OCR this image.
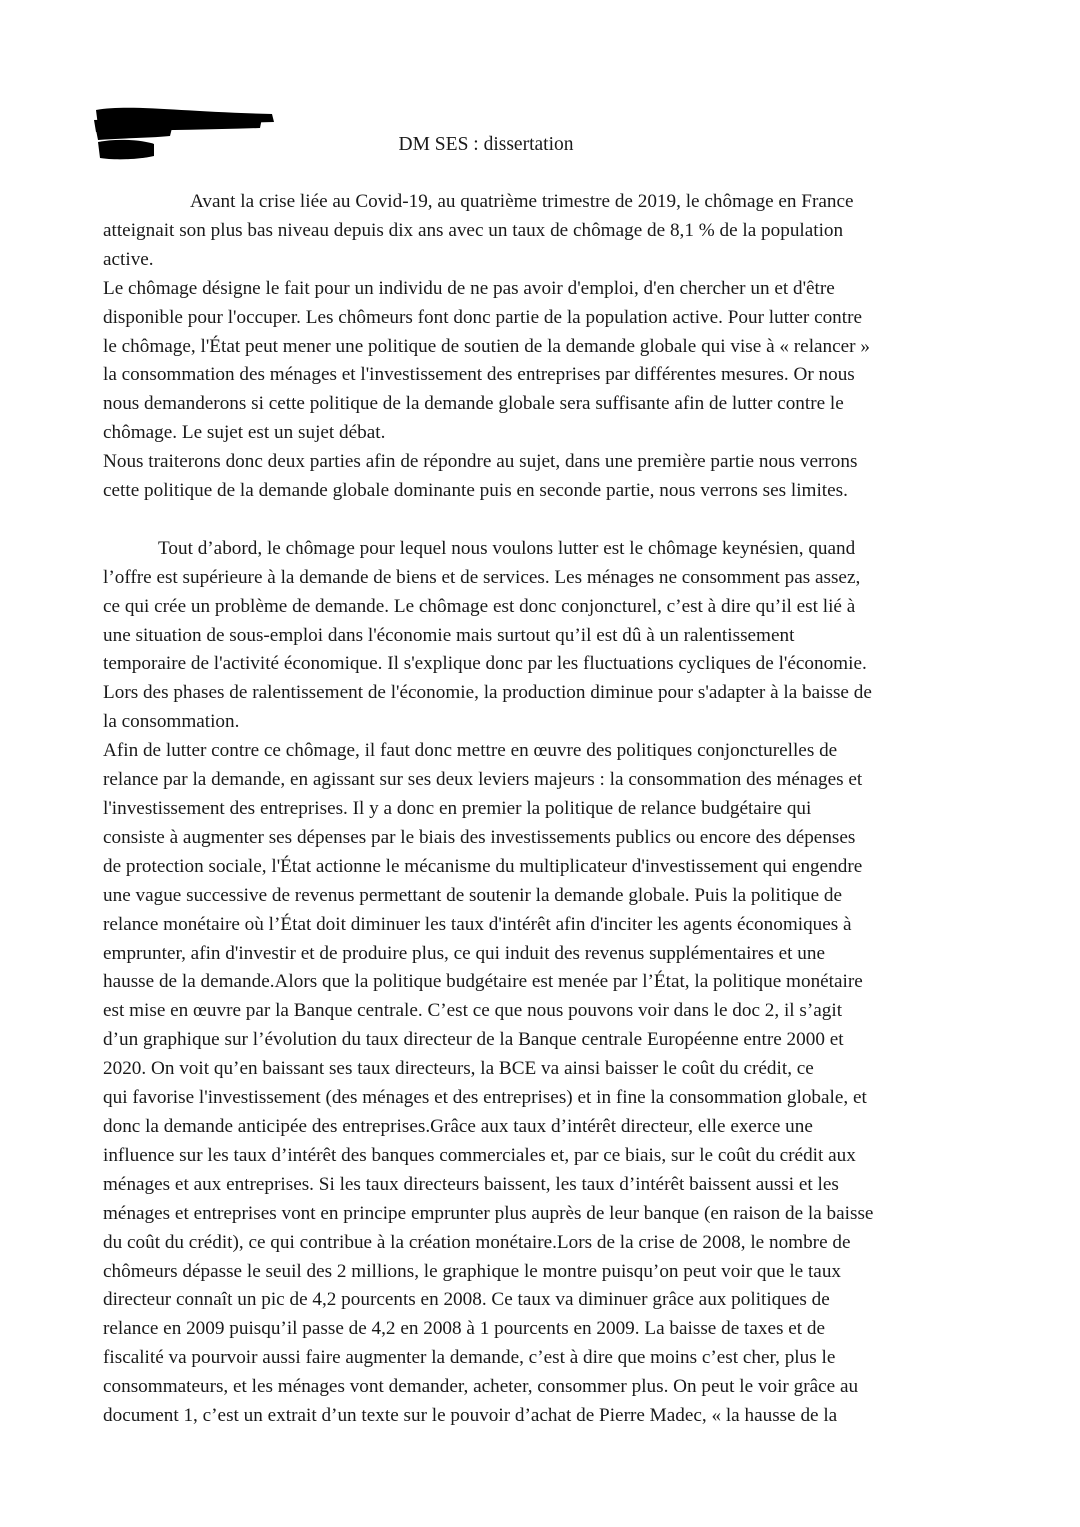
DM SES : dissertation

Avant la crise liée au Covid-19, au quatrième trimestre de 2019, le chômage en France

atteignait son plus bas niveau depuis dix ans avec un taux de chômage de 8,1 % de la population

active.

Le chômage désigne le fait pour un individu de ne pas avoir d'emploi, d'en chercher un et d'être

disponible pour l'occuper. Les chômeurs font donc partie de la population active. Pour lutter contre

le chômage, l'État peut mener une politique de soutien de la demande globale qui vise à « relancer »

la consommation des ménages et l'investissement des entreprises par différentes mesures. Or nous

nous demanderons si cette politique de la demande globale sera suffisante afin de lutter contre le

chômage. Le sujet est un sujet débat.

Nous traiterons donc deux parties afin de répondre au sujet, dans une première partie nous verrons

cette politique de la demande globale dominante puis en seconde partie, nous verrons ses limites.

Tout d’abord, le chômage pour lequel nous voulons lutter est le chômage keynésien, quand

l’offre est supérieure à la demande de biens et de services. Les ménages ne consomment pas assez,

ce qui crée un problème de demande. Le chômage est donc conjoncturel, c’est à dire qu’il est lié à

une situation de sous-emploi dans l'économie mais surtout qu’il est dû à un ralentissement

temporaire de l'activité économique. Il s'explique donc par les fluctuations cycliques de l'économie.

Lors des phases de ralentissement de l'économie, la production diminue pour s'adapter à la baisse de

la consommation.

Afin de lutter contre ce chômage, il faut donc mettre en œuvre des politiques conjoncturelles de

relance par la demande, en agissant sur ses deux leviers majeurs : la consommation des ménages et

l'investissement des entreprises. Il y a donc en premier la politique de relance budgétaire qui

consiste à augmenter ses dépenses par le biais des investissements publics ou encore des dépenses

de protection sociale, l'État actionne le mécanisme du multiplicateur d'investissement qui engendre

une vague successive de revenus permettant de soutenir la demande globale. Puis la politique de

relance monétaire où l’État doit diminuer les taux d'intérêt afin d'inciter les agents économiques à

emprunter, afin d'investir et de produire plus, ce qui induit des revenus supplémentaires et une

hausse de la demande.Alors que la politique budgétaire est menée par l’État, la politique monétaire

est mise en œuvre par la Banque centrale. C’est ce que nous pouvons voir dans le doc 2, il s’agit

d’un graphique sur l’évolution du taux directeur de la Banque centrale Européenne entre 2000 et

2020. On voit qu’en baissant ses taux directeurs, la BCE va ainsi baisser le coût du crédit, ce

qui favorise l'investissement (des ménages et des entreprises) et in fine la consommation globale, et

donc la demande anticipée des entreprises.Grâce aux taux d’intérêt directeur, elle exerce une

influence sur les taux d’intérêt des banques commerciales et, par ce biais, sur le coût du crédit aux

ménages et aux entreprises. Si les taux directeurs baissent, les taux d’intérêt baissent aussi et les

ménages et entreprises vont en principe emprunter plus auprès de leur banque (en raison de la baisse

du coût du crédit), ce qui contribue à la création monétaire.Lors de la crise de 2008, le nombre de

chômeurs dépasse le seuil des 2 millions, le graphique le montre puisqu’on peut voir que le taux

directeur connaît un pic de 4,2 pourcents en 2008. Ce taux va diminuer grâce aux politiques de

relance en 2009 puisqu’il passe de 4,2 en 2008 à 1 pourcents en 2009. La baisse de taxes et de

fiscalité va pourvoir aussi faire augmenter la demande, c’est à dire que moins c’est cher, plus le

consommateurs, et les ménages vont demander, acheter, consommer plus. On peut le voir grâce au

document 1, c’est un extrait d’un texte sur le pouvoir d’achat de Pierre Madec, « la hausse de la
